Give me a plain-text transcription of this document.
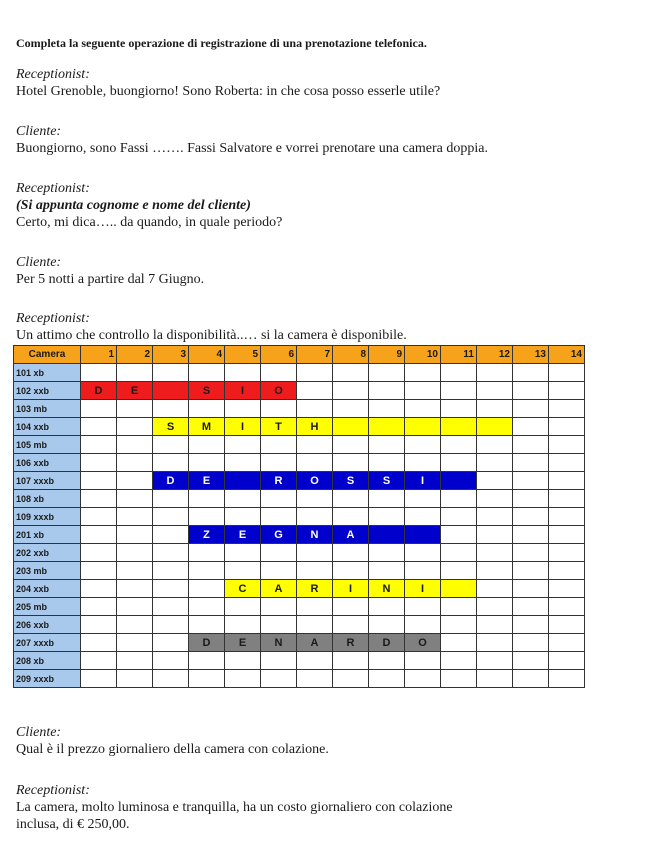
Completa la seguente operazione di registrazione di una prenotazione telefonica.
Receptionist:
Hotel Grenoble, buongiorno! Sono Roberta: in che cosa posso esserle utile?
Cliente:
Buongiorno, sono Fassi ……. Fassi Salvatore e vorrei prenotare una camera doppia.
Receptionist:
(Si appunta cognome e nome del cliente)
Certo, mi dica….. da quando, in quale periodo?
Cliente:
Per 5 notti a partire dal 7 Giugno.
Receptionist:
Un attimo che controllo la disponibilità..… si la camera è disponibile.
Camera	1	2	3	4	5	6	7	8	9	10	11	12	13	14
101 xb														
102 xxb	D	E		S	I	O								
103 mb														
104 xxb			S	M	I	T	H							
105 mb														
106 xxb														
107 xxxb			D	E		R	O	S	S	I				
108 xb														
109 xxxb														
201 xb				Z	E	G	N	A						
202 xxb														
203 mb														
204 xxb					C	A	R	I	N	I				
205 mb														
206 xxb														
207 xxxb				D	E	N	A	R	D	O				
208 xb														
209 xxxb														
Cliente:
Qual è il prezzo giornaliero della camera con colazione.
Receptionist:
La camera, molto luminosa e tranquilla, ha un costo giornaliero con colazione
inclusa, di € 250,00.
